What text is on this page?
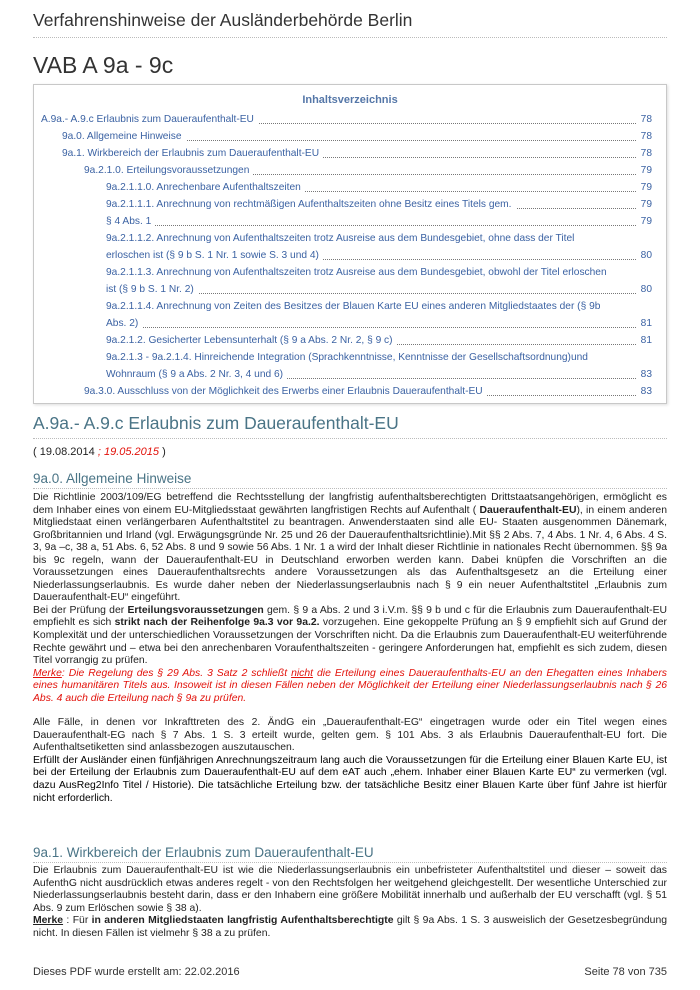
Verfahrenshinweise der Ausländerbehörde Berlin
VAB A 9a - 9c
Inhaltsverzeichnis
A.9a.- A.9.c Erlaubnis zum Daueraufenthalt-EU	78
9a.0. Allgemeine Hinweise	78
9a.1. Wirkbereich der Erlaubnis zum Daueraufenthalt-EU	78
9a.2.1.0. Erteilungsvoraussetzungen	79
9a.2.1.1.0. Anrechenbare Aufenthaltszeiten	79
9a.2.1.1.1. Anrechnung von rechtmäßigen Aufenthaltszeiten ohne Besitz eines Titels gem.	79
§ 4 Abs. 1	79
9a.2.1.1.2. Anrechnung von Aufenthaltszeiten trotz Ausreise aus dem Bundesgebiet, ohne dass der Titel
erloschen ist (§ 9 b S. 1 Nr. 1 sowie S. 3 und 4)	80
9a.2.1.1.3. Anrechnung von Aufenthaltszeiten trotz Ausreise aus dem Bundesgebiet, obwohl der Titel erloschen
ist (§ 9 b S. 1 Nr. 2)	80
9a.2.1.1.4. Anrechnung von Zeiten des Besitzes der Blauen Karte EU eines anderen Mitgliedstaates der (§ 9b
Abs. 2)	81
9a.2.1.2. Gesicherter Lebensunterhalt (§ 9 a Abs. 2 Nr. 2, § 9 c)	81
9a.2.1.3 - 9a.2.1.4. Hinreichende Integration (Sprachkenntnisse, Kenntnisse der Gesellschaftsordnung)und
Wohnraum (§ 9 a Abs. 2 Nr. 3, 4 und 6)	83
9a.3.0. Ausschluss von der Möglichkeit des Erwerbs einer Erlaubnis Daueraufenthalt-EU	83
A.9a.- A.9.c Erlaubnis zum Daueraufenthalt-EU
( 19.08.2014 ; 19.05.2015 )
9a.0. Allgemeine Hinweise

Die Richtlinie 2003/109/EG betreffend die Rechtsstellung der langfristig aufenthaltsberechtigten Drittstaatsangehörigen, ermöglicht es dem Inhaber eines von einem EU-Mitgliedsstaat gewährten langfristigen Rechts auf Aufenthalt ( Daueraufenthalt-EU), in einem anderen Mitgliedstaat einen verlängerbaren Aufenthaltstitel zu beantragen. Anwenderstaaten sind alle EU- Staaten ausgenommen Dänemark, Großbritannien und Irland (vgl. Erwägungsgründe Nr. 25 und 26 der Daueraufenthaltsrichtlinie).Mit §§ 2 Abs. 7, 4 Abs. 1 Nr. 4, 6 Abs. 4 S. 3, 9a –c, 38 a, 51 Abs. 6, 52 Abs. 8 und 9 sowie 56 Abs. 1 Nr. 1 a wird der Inhalt dieser Richtlinie in nationales Recht übernommen. §§ 9a bis 9c regeln, wann der Daueraufenthalt-EU in Deutschland erworben werden kann. Dabei knüpfen die Vorschriften an die Voraussetzungen eines Daueraufenthaltsrechts andere Voraussetzungen als das Aufenthaltsgesetz an die Erteilung einer Niederlassungserlaubnis. Es wurde daher neben der Niederlassungserlaubnis nach § 9 ein neuer Aufenthaltstitel „Erlaubnis zum Daueraufenthalt-EU“ eingeführt.

Bei der Prüfung der Erteilungsvoraussetzungen gem. § 9 a Abs. 2 und 3 i.V.m. §§ 9 b und c für die Erlaubnis zum Daueraufenthalt-EU empfiehlt es sich strikt nach der Reihenfolge 9a.3 vor 9a.2. vorzugehen. Eine gekoppelte Prüfung an § 9 empfiehlt sich auf Grund der Komplexität und der unterschiedlichen Voraussetzungen der Vorschriften nicht. Da die Erlaubnis zum Daueraufenthalt-EU weiterführende Rechte gewährt und – etwa bei den anrechenbaren Voraufenthaltszeiten - geringere Anforderungen hat, empfiehlt es sich zudem, diesen Titel vorrangig zu prüfen.

Merke: Die Regelung des § 29 Abs. 3 Satz 2 schließt nicht die Erteilung eines Daueraufenthalts-EU an den Ehegatten eines Inhabers eines humanitären Titels aus. Insoweit ist in diesen Fällen neben der Möglichkeit der Erteilung einer Niederlassungserlaubnis nach § 26 Abs. 4 auch die Erteilung nach § 9a zu prüfen.

Alle Fälle, in denen vor Inkrafttreten des 2. ÄndG ein „Daueraufenthalt-EG“ eingetragen wurde oder ein Titel wegen eines Daueraufenthalt-EG nach § 7 Abs. 1 S. 3 erteilt wurde, gelten gem. § 101 Abs. 3 als Erlaubnis Daueraufenthalt-EU fort. Die Aufenthaltsetiketten sind anlassbezogen auszutauschen.

Erfüllt der Ausländer einen fünfjährigen Anrechnungszeitraum lang auch die Voraussetzungen für die Erteilung einer Blauen Karte EU, ist bei der Erteilung der Erlaubnis zum Daueraufenthalt-EU auf dem eAT auch „ehem. Inhaber einer Blauen Karte EU“ zu vermerken (vgl. dazu AusReg2Info Titel / Historie). Die tatsächliche Erteilung bzw. der tatsächliche Besitz einer Blauen Karte über fünf Jahre ist hierfür nicht erforderlich.

9a.1. Wirkbereich der Erlaubnis zum Daueraufenthalt-EU

Die Erlaubnis zum Daueraufenthalt-EU ist wie die Niederlassungserlaubnis ein unbefristeter Aufenthaltstitel und dieser – soweit das AufenthG nicht ausdrücklich etwas anderes regelt - von den Rechtsfolgen her weitgehend gleichgestellt. Der wesentliche Unterschied zur Niederlassungserlaubnis besteht darin, dass er den Inhabern eine größere Mobilität innerhalb und außerhalb der EU verschafft (vgl. § 51 Abs. 9 zum Erlöschen sowie § 38 a).

Merke : Für in anderen Mitgliedstaaten langfristig Aufenthaltsberechtigte gilt § 9a Abs. 1 S. 3 ausweislich der Gesetzesbegründung nicht. In diesen Fällen ist vielmehr § 38 a zu prüfen.

Dieses PDF wurde erstellt am: 22.02.2016	Seite 78 von 735
